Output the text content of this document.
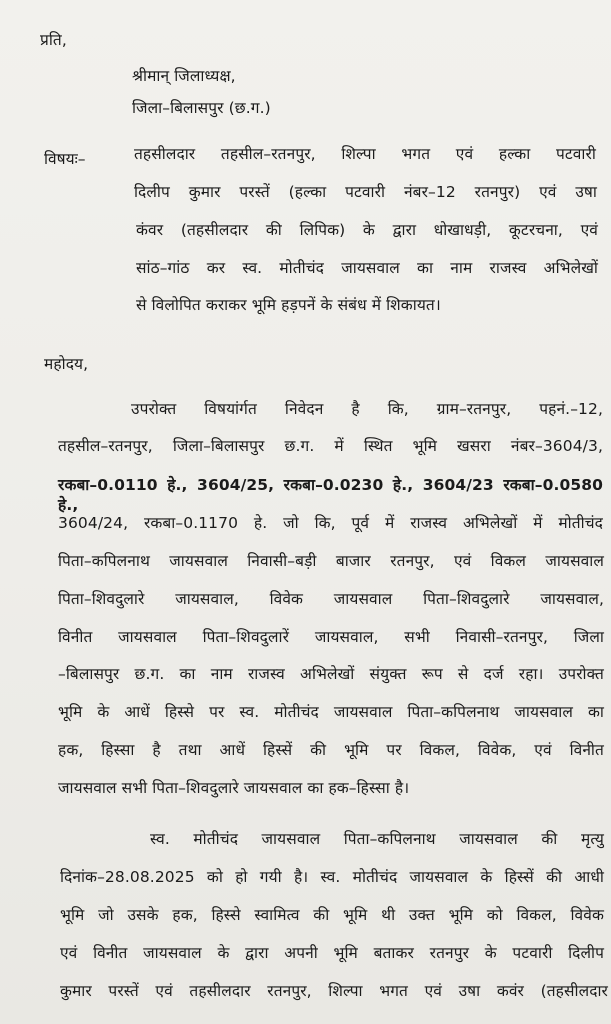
प्रति,
श्रीमान् जिलाध्यक्ष,
जिला–बिलासपुर (छ.ग.)
विषयः–	तहसीलदार तहसील–रतनपुर, शिल्पा भगत एवं हल्का पटवारी
दिलीप कुमार परस्तें (हल्का पटवारी नंबर–12 रतनपुर) एवं उषा
कंवर (तहसीलदार की लिपिक) के द्वारा धोखाधड़ी, कूटरचना, एवं
सांठ–गांठ कर स्व. मोतीचंद जायसवाल का नाम राजस्व अभिलेखों
से विलोपित कराकर भूमि हड़पनें के संबंध में शिकायत।
महोदय,
उपरोक्त विषयांर्गत निवेदन है कि, ग्राम–रतनपुर, पहनं.–12,
तहसील–रतनपुर, जिला–बिलासपुर छ.ग. में स्थित भूमि खसरा नंबर–3604/3,
रकबा–0.0110 हे., 3604/25, रकबा–0.0230 हे., 3604/23 रकबा–0.0580 हे.,
3604/24, रकबा–0.1170 हे. जो कि, पूर्व में राजस्व अभिलेखों में मोतीचंद
पिता–कपिलनाथ जायसवाल निवासी–बड़ी बाजार रतनपुर, एवं विकल जायसवाल
पिता–शिवदुलारे जायसवाल, विवेक जायसवाल पिता–शिवदुलारे जायसवाल,
विनीत जायसवाल पिता–शिवदुलारें जायसवाल, सभी निवासी–रतनपुर, जिला
–बिलासपुर छ.ग. का नाम राजस्व अभिलेखों संयुक्त रूप से दर्ज रहा। उपरोक्त
भूमि के आधें हिस्से पर स्व. मोतीचंद जायसवाल पिता–कपिलनाथ जायसवाल का
हक, हिस्सा है तथा आधें हिस्सें की भूमि पर विकल, विवेक, एवं विनीत
जायसवाल सभी पिता–शिवदुलारे जायसवाल का हक–हिस्सा है।
स्व. मोतीचंद जायसवाल पिता–कपिलनाथ जायसवाल की मृत्यु
दिनांक–28.08.2025 को हो गयी है। स्व. मोतीचंद जायसवाल के हिस्सें की आधी
भूमि जो उसके हक, हिस्से स्वामित्व की भूमि थी उक्त भूमि को विकल, विवेक
एवं विनीत जायसवाल के द्वारा अपनी भूमि बताकर रतनपुर के पटवारी दिलीप
कुमार परस्तें एवं तहसीलदार रतनपुर, शिल्पा भगत एवं उषा कवंर (तहसीलदार
